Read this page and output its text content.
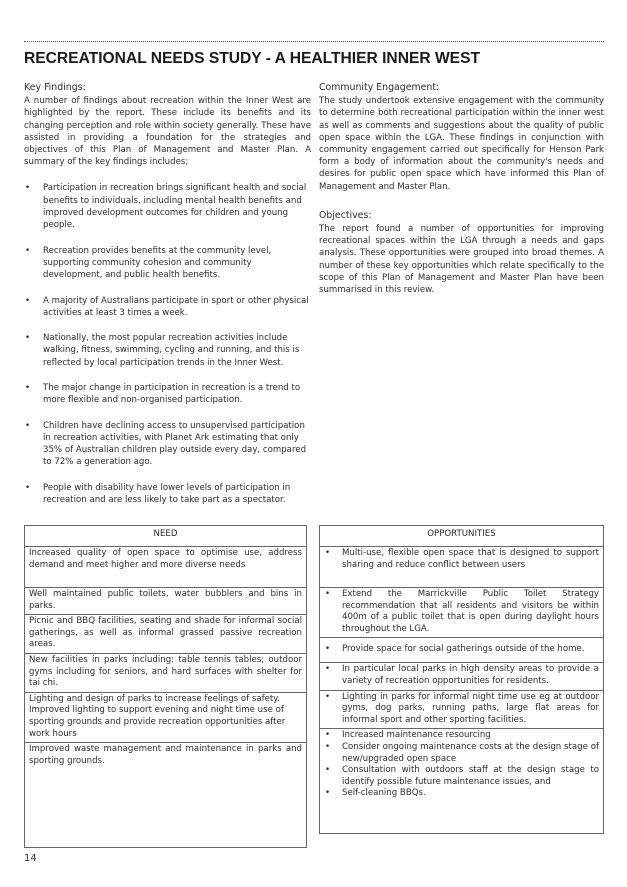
RECREATIONAL NEEDS STUDY - A HEALTHIER INNER WEST
Key Findings:

A number of findings about recreation within the Inner West are highlighted by the report. These include its benefits and its changing perception and role within society generally. These have assisted in providing a foundation for the strategies and objectives of this Plan of Management and Master Plan. A summary of the key findings includes;

• Participation in recreation brings significant health and social benefits to individuals, including mental health benefits and improved development outcomes for children and young people.
• Recreation provides benefits at the community level, supporting community cohesion and community development, and public health benefits.
• A majority of Australians participate in sport or other physical activities at least 3 times a week.
• Nationally, the most popular recreation activities include walking, fitness, swimming, cycling and running, and this is reflected by local participation trends in the Inner West.
• The major change in participation in recreation is a trend to more flexible and non-organised participation.
• Children have declining access to unsupervised participation in recreation activities, with Planet Ark estimating that only 35% of Australian children play outside every day, compared to 72% a generation ago.
• People with disability have lower levels of participation in recreation and are less likely to take part as a spectator.
Community Engagement:

The study undertook extensive engagement with the community to determine both recreational participation within the inner west as well as comments and suggestions about the quality of public open space within the LGA. These findings in conjunction with community engagement carried out specifically for Henson Park form a body of information about the community's needs and desires for public open space which have informed this Plan of Management and Master Plan.

Objectives:

The report found a number of opportunities for improving recreational spaces within the LGA through a needs and gaps analysis. These opportunities were grouped into broad themes. A number of these key opportunities which relate specifically to the scope of this Plan of Management and Master Plan have been summarised in this review.

NEED
Increased quality of open space to optimise use, address demand and meet higher and more diverse needs
Well maintained public toilets, water bubblers and bins in parks.
Picnic and BBQ facilities, seating and shade for informal social gatherings, as well as informal grassed passive recreation areas.
New facilities in parks including: table tennis tables; outdoor gyms including for seniors, and hard surfaces with shelter for tai chi.
Lighting and design of parks to increase feelings of safety. Improved lighting to support evening and night time use of sporting grounds and provide recreation opportunities after work hours
Improved waste management and maintenance in parks and sporting grounds.
OPPORTUNITIES

• Multi-use, flexible open space that is designed to support sharing and reduce conflict between users

• Extend the Marrickville Public Toilet Strategy recommendation that all residents and visitors be within 400m of a public toilet that is open during daylight hours throughout the LGA.

• Provide space for social gatherings outside of the home.

• In particular local parks in high density areas to provide a variety of recreation opportunities for residents.

• Lighting in parks for informal night time use eg at outdoor gyms, dog parks, running paths, large flat areas for informal sport and other sporting facilities.

• Increased maintenance resourcing
• Consider ongoing maintenance costs at the design stage of new/upgraded open space
• Consultation with outdoors staff at the design stage to identify possible future maintenance issues, and
• Self-cleaning BBQs.
14
